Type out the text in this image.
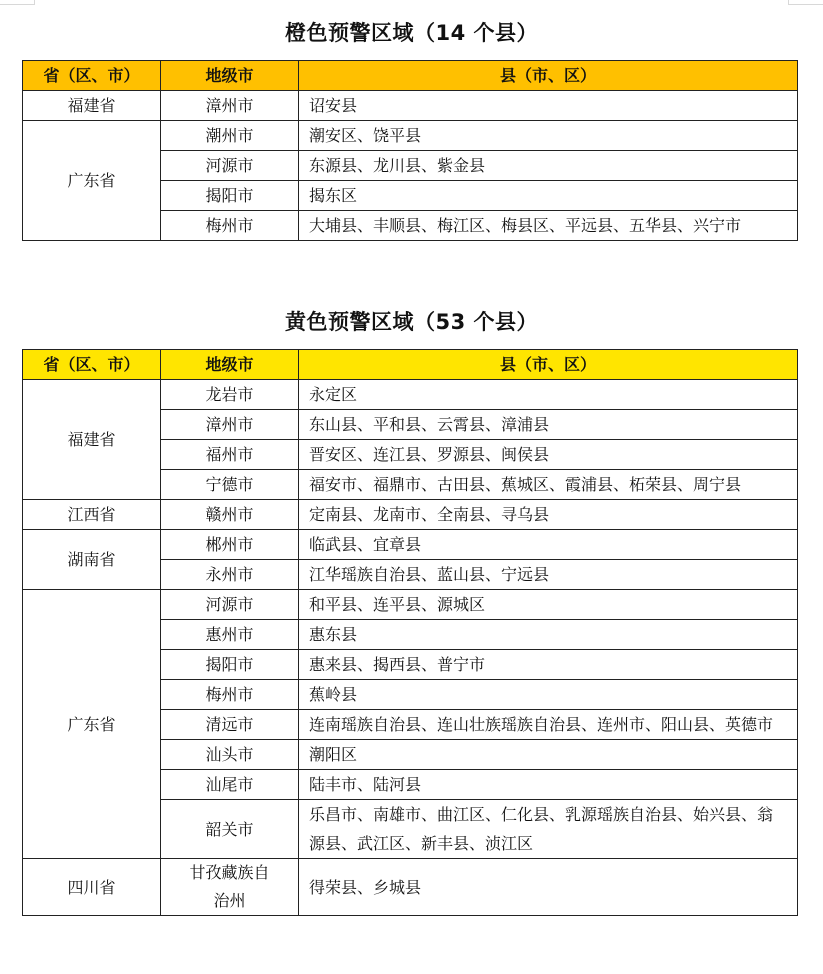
橙色预警区域（14 个县）
省（区、市）	地级市	县（市、区）
福建省	漳州市	诏安县
广东省	潮州市	潮安区、饶平县
	河源市	东源县、龙川县、紫金县
	揭阳市	揭东区
	梅州市	大埔县、丰顺县、梅江区、梅县区、平远县、五华县、兴宁市
黄色预警区域（53 个县）
省（区、市）	地级市	县（市、区）
福建省	龙岩市	永定区
	漳州市	东山县、平和县、云霄县、漳浦县
	福州市	晋安区、连江县、罗源县、闽侯县
	宁德市	福安市、福鼎市、古田县、蕉城区、霞浦县、柘荣县、周宁县
江西省	赣州市	定南县、龙南市、全南县、寻乌县
湖南省	郴州市	临武县、宜章县
	永州市	江华瑶族自治县、蓝山县、宁远县
广东省	河源市	和平县、连平县、源城区
	惠州市	惠东县
	揭阳市	惠来县、揭西县、普宁市
	梅州市	蕉岭县
	清远市	连南瑶族自治县、连山壮族瑶族自治县、连州市、阳山县、英德市
	汕头市	潮阳区
	汕尾市	陆丰市、陆河县
	韶关市	乐昌市、南雄市、曲江区、仁化县、乳源瑶族自治县、始兴县、翁源县、武江区、新丰县、浈江区
四川省	甘孜藏族自治州	得荣县、乡城县
